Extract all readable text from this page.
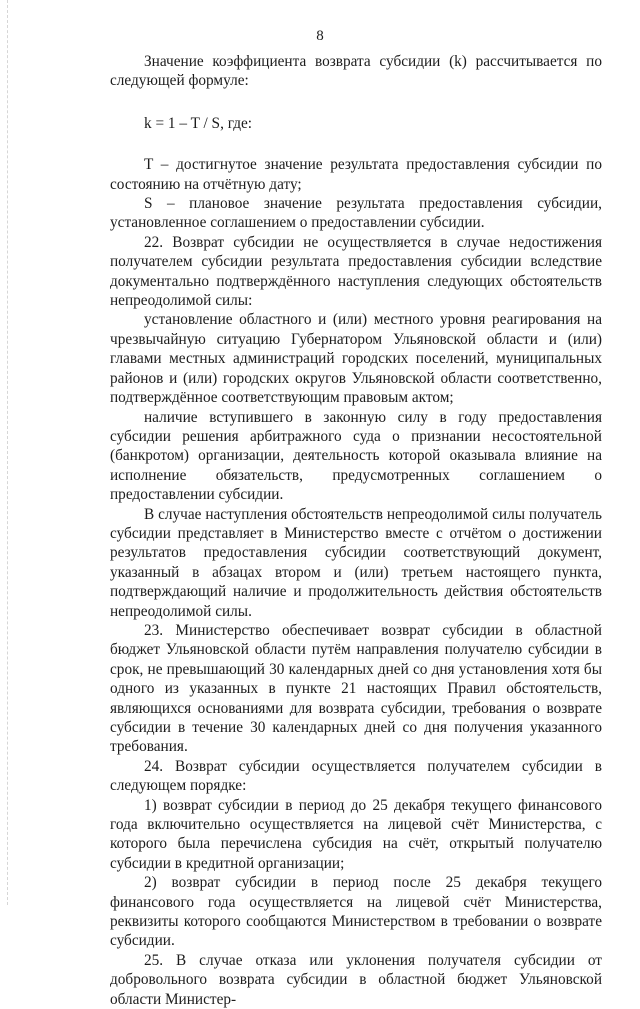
8

Значение коэффициента возврата субсидии (k) рассчитывается по следующей формуле:

k = 1 – T / S, где:

T – достигнутое значение результата предоставления субсидии по состоянию на отчётную дату;

S – плановое значение результата предоставления субсидии, установленное соглашением о предоставлении субсидии.

22. Возврат субсидии не осуществляется в случае недостижения получателем субсидии результата предоставления субсидии вследствие документально подтверждённого наступления следующих обстоятельств непреодолимой силы:

установление областного и (или) местного уровня реагирования на чрезвычайную ситуацию Губернатором Ульяновской области и (или) главами местных администраций городских поселений, муниципальных районов и (или) городских округов Ульяновской области соответственно, подтверждённое соответствующим правовым актом;

наличие вступившего в законную силу в году предоставления субсидии решения арбитражного суда о признании несостоятельной (банкротом) организации, деятельность которой оказывала влияние на исполнение обязательств, предусмотренных соглашением о предоставлении субсидии.

В случае наступления обстоятельств непреодолимой силы получатель субсидии представляет в Министерство вместе с отчётом о достижении результатов предоставления субсидии соответствующий документ, указанный в абзацах втором и (или) третьем настоящего пункта, подтверждающий наличие и продолжительность действия обстоятельств непреодолимой силы.

23. Министерство обеспечивает возврат субсидии в областной бюджет Ульяновской области путём направления получателю субсидии в срок, не превышающий 30 календарных дней со дня установления хотя бы одного из указанных в пункте 21 настоящих Правил обстоятельств, являющихся основаниями для возврата субсидии, требования о возврате субсидии в течение 30 календарных дней со дня получения указанного требования.

24. Возврат субсидии осуществляется получателем субсидии в следующем порядке:

1) возврат субсидии в период до 25 декабря текущего финансового года включительно осуществляется на лицевой счёт Министерства, с которого была перечислена субсидия на счёт, открытый получателю субсидии в кредитной организации;

2) возврат субсидии в период после 25 декабря текущего финансового года осуществляется на лицевой счёт Министерства, реквизиты которого сообщаются Министерством в требовании о возврате субсидии.

25. В случае отказа или уклонения получателя субсидии от добровольного возврата субсидии в областной бюджет Ульяновской области Министер-
